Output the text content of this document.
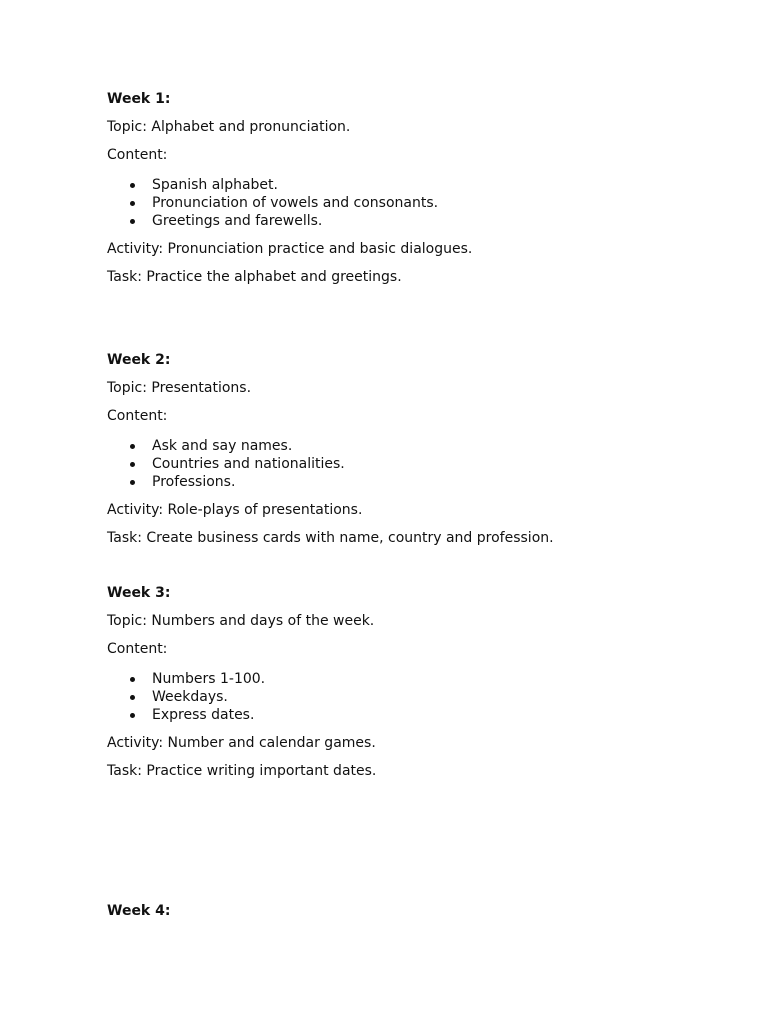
Week 1:

Topic: Alphabet and pronunciation.

Content:

Spanish alphabet.
Pronunciation of vowels and consonants.
Greetings and farewells.

Activity: Pronunciation practice and basic dialogues.

Task: Practice the alphabet and greetings.

Week 2:

Topic: Presentations.

Content:

Ask and say names.
Countries and nationalities.
Professions.

Activity: Role-plays of presentations.

Task: Create business cards with name, country and profession.

Week 3:

Topic: Numbers and days of the week.

Content:

Numbers 1-100.
Weekdays.
Express dates.

Activity: Number and calendar games.

Task: Practice writing important dates.

Week 4:
